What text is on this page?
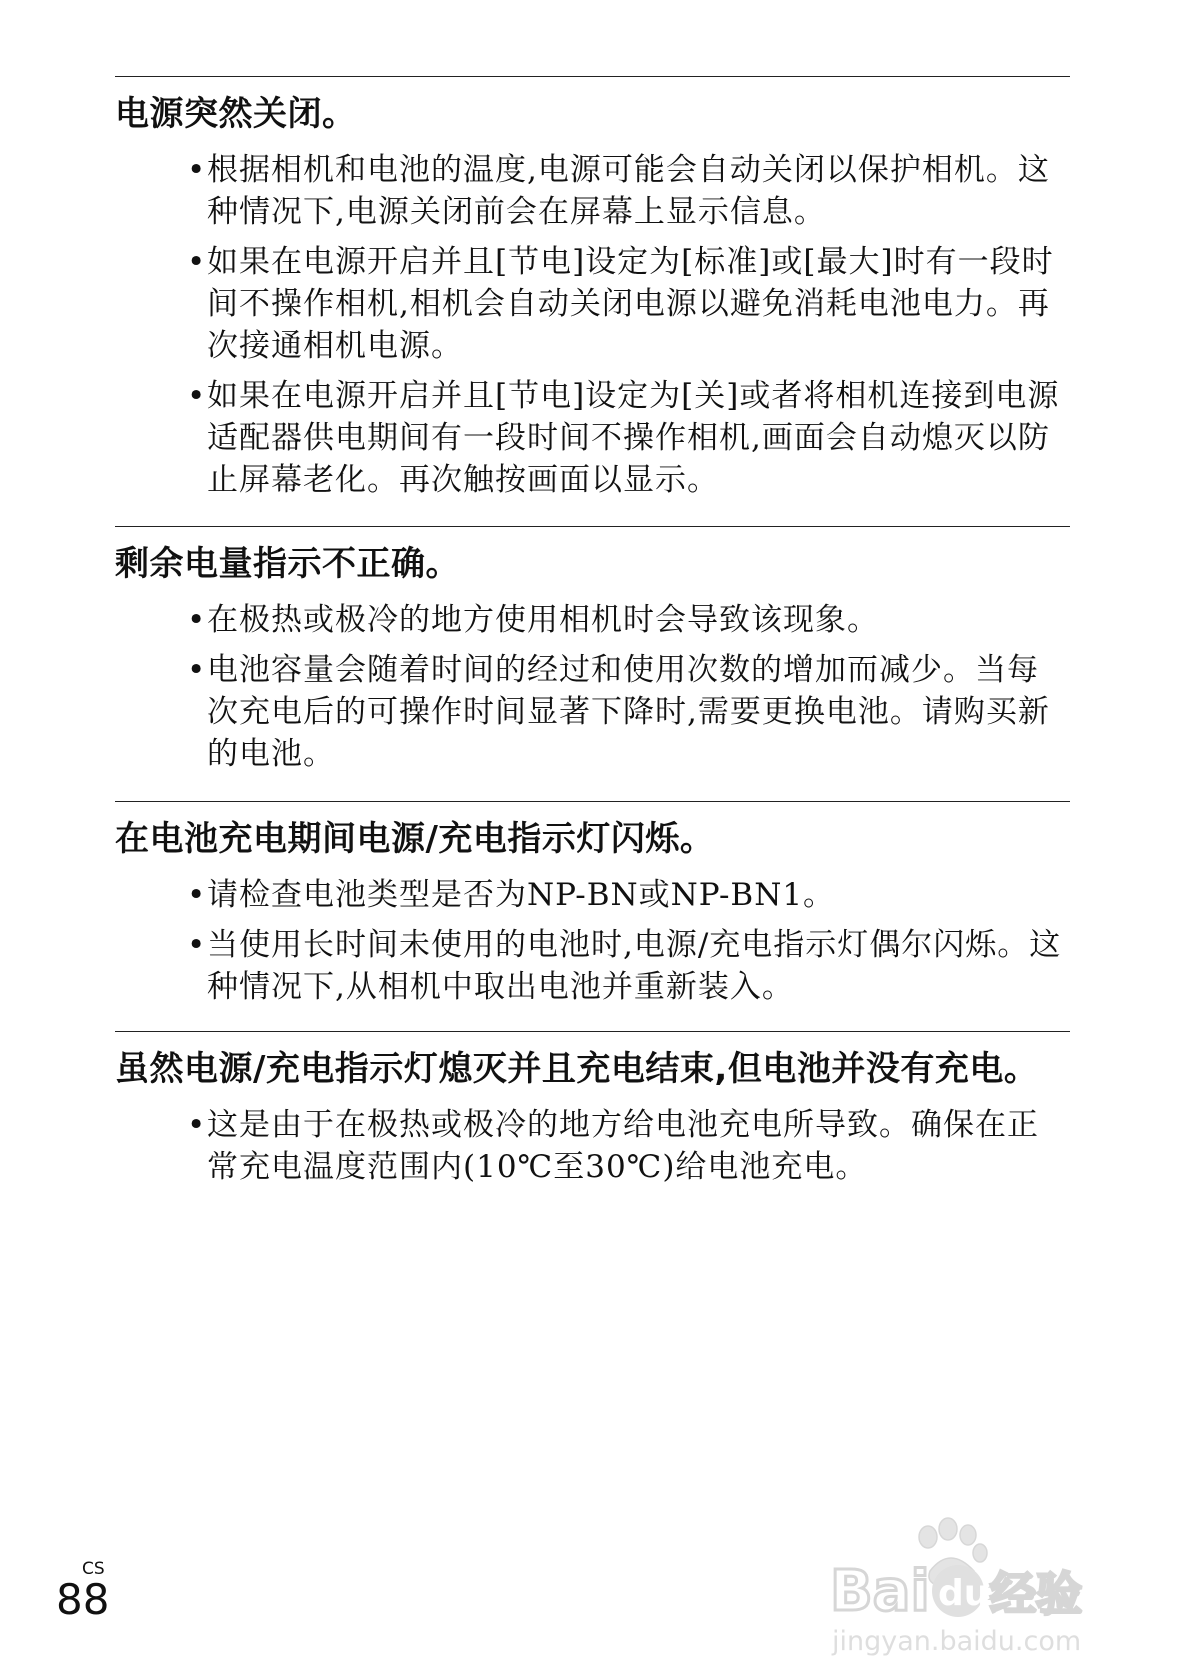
电源突然关闭。
• 根据相机和电池的温度,电源可能会自动关闭以保护相机。这种情况下,电源关闭前会在屏幕上显示信息。
• 如果在电源开启并且[节电]设定为[标准]或[最大]时有一段时间不操作相机,相机会自动关闭电源以避免消耗电池电力。再次接通相机电源。
• 如果在电源开启并且[节电]设定为[关]或者将相机连接到电源适配器供电期间有一段时间不操作相机,画面会自动熄灭以防止屏幕老化。再次触按画面以显示。
剩余电量指示不正确。
• 在极热或极冷的地方使用相机时会导致该现象。
• 电池容量会随着时间的经过和使用次数的增加而减少。当每次充电后的可操作时间显著下降时,需要更换电池。请购买新的电池。
在电池充电期间电源/充电指示灯闪烁。
• 请检查电池类型是否为NP-BN或NP-BN1。
• 当使用长时间未使用的电池时,电源/充电指示灯偶尔闪烁。这种情况下,从相机中取出电池并重新装入。
虽然电源/充电指示灯熄灭并且充电结束,但电池并没有充电。
• 这是由于在极热或极冷的地方给电池充电所导致。确保在正常充电温度范围内(10℃至30℃)给电池充电。
CS
88	Bai du 经验
jingyan.baidu.com
